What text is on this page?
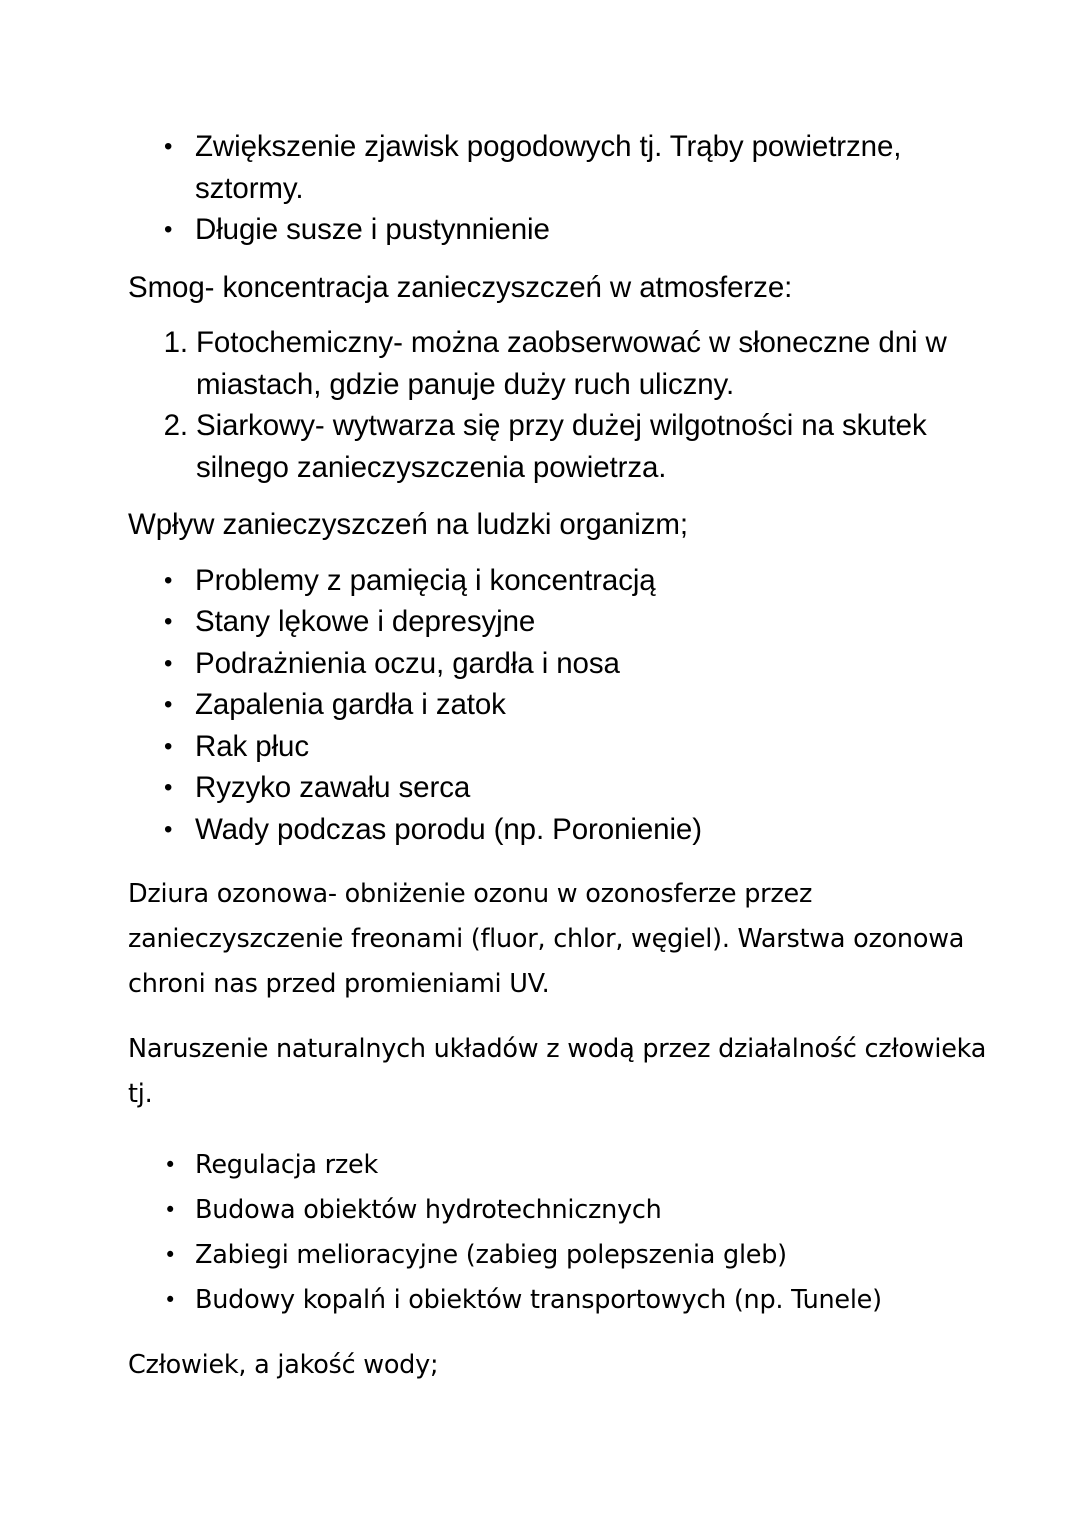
• Zwiększenie zjawisk pogodowych tj. Trąby powietrzne, sztormy.
• Długie susze i pustynnienie

Smog- koncentracja zanieczyszczeń w atmosferze:

1. Fotochemiczny- można zaobserwować w słoneczne dni w miastach, gdzie panuje duży ruch uliczny.
2. Siarkowy- wytwarza się przy dużej wilgotności na skutek silnego zanieczyszczenia powietrza.

Wpływ zanieczyszczeń na ludzki organizm;

• Problemy z pamięcią i koncentracją
• Stany lękowe i depresyjne
• Podrażnienia oczu, gardła i nosa
• Zapalenia gardła i zatok
• Rak płuc
• Ryzyko zawału serca
• Wady podczas porodu (np. Poronienie)

Dziura ozonowa- obniżenie ozonu w ozonosferze przez zanieczyszczenie freonami (fluor, chlor, węgiel). Warstwa ozonowa chroni nas przed promieniami UV.

Naruszenie naturalnych układów z wodą przez działalność człowieka tj.

• Regulacja rzek
• Budowa obiektów hydrotechnicznych
• Zabiegi melioracyjne (zabieg polepszenia gleb)
• Budowy kopalń i obiektów transportowych (np. Tunele)

Człowiek, a jakość wody;
